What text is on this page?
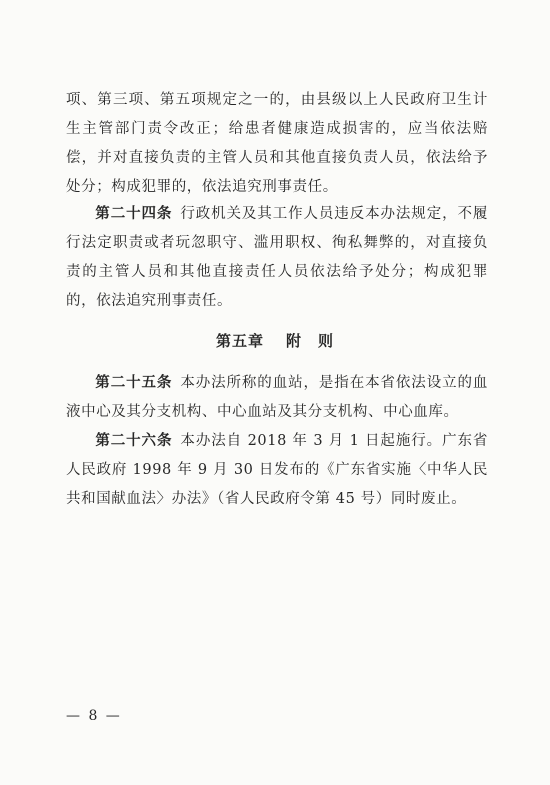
项、第三项、第五项规定之一的，由县级以上人民政府卫生计生主管部门责令改正；给患者健康造成损害的，应当依法赔偿，并对直接负责的主管人员和其他直接负责人员，依法给予处分；构成犯罪的，依法追究刑事责任。

第二十四条 行政机关及其工作人员违反本办法规定，不履行法定职责或者玩忽职守、滥用职权、徇私舞弊的，对直接负责的主管人员和其他直接责任人员依法给予处分；构成犯罪的，依法追究刑事责任。

第五章 附　则

第二十五条 本办法所称的血站，是指在本省依法设立的血液中心及其分支机构、中心血站及其分支机构、中心血库。

第二十六条 本办法自 2018 年 3 月 1 日起施行。广东省人民政府 1998 年 9 月 30 日发布的《广东省实施〈中华人民共和国献血法〉办法》（省人民政府令第 45 号）同时废止。

— 8 —
